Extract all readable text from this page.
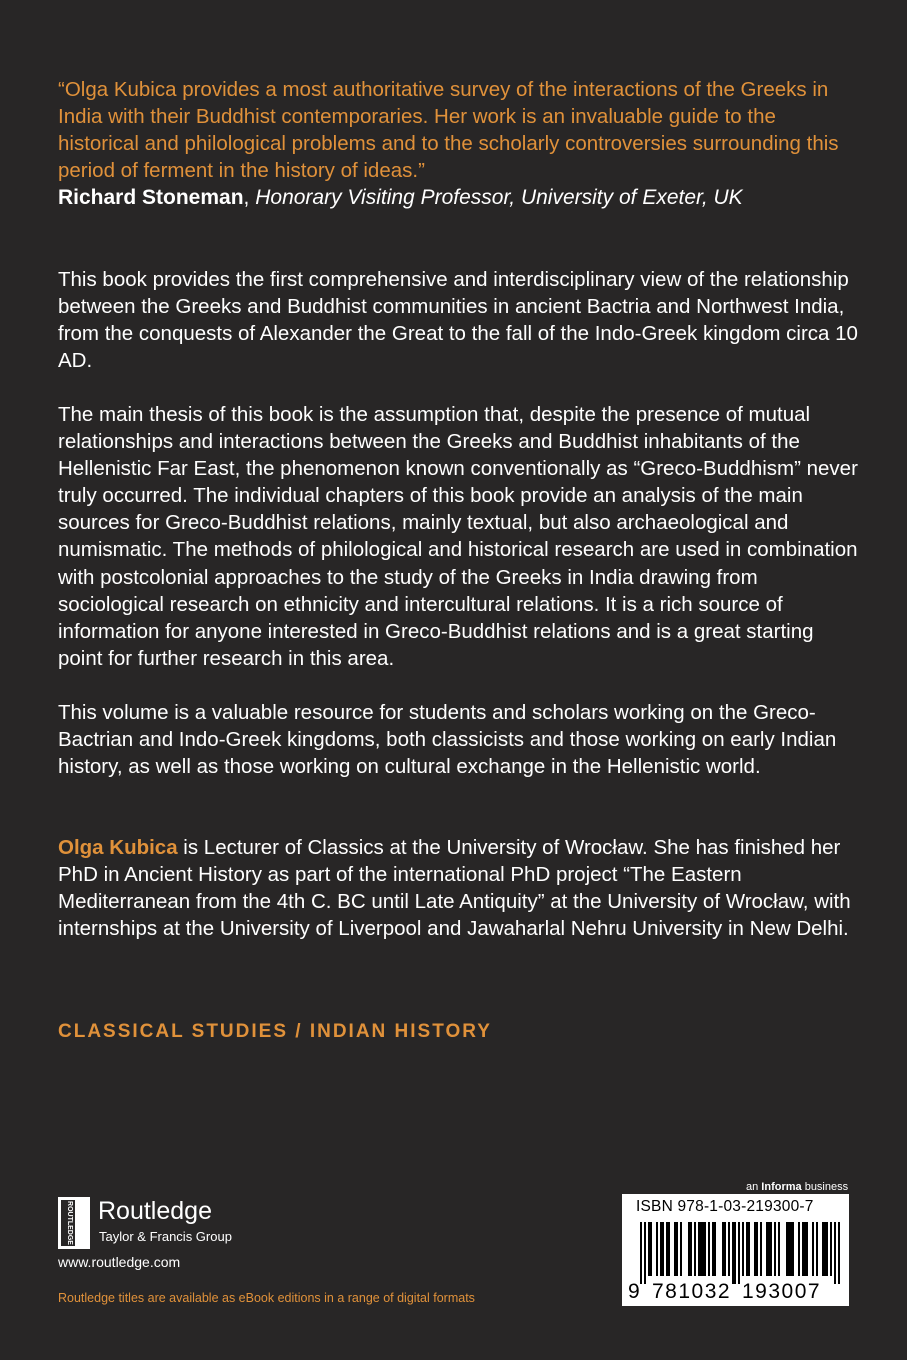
“Olga Kubica provides a most authoritative survey of the interactions of the Greeks in India with their Buddhist contemporaries. Her work is an invaluable guide to the historical and philological problems and to the scholarly controversies surrounding this period of ferment in the history of ideas.”
Richard Stoneman, Honorary Visiting Professor, University of Exeter, UK
This book provides the first comprehensive and interdisciplinary view of the relationship between the Greeks and Buddhist communities in ancient Bactria and Northwest India, from the conquests of Alexander the Great to the fall of the Indo-Greek kingdom circa 10 AD.
The main thesis of this book is the assumption that, despite the presence of mutual relationships and interactions between the Greeks and Buddhist inhabitants of the Hellenistic Far East, the phenomenon known conventionally as “Greco-Buddhism” never truly occurred. The individual chapters of this book provide an analysis of the main sources for Greco-Buddhist relations, mainly textual, but also archaeological and numismatic. The methods of philological and historical research are used in combination with postcolonial approaches to the study of the Greeks in India drawing from sociological research on ethnicity and intercultural relations. It is a rich source of information for anyone interested in Greco-Buddhist relations and is a great starting point for further research in this area.
This volume is a valuable resource for students and scholars working on the Greco-Bactrian and Indo-Greek kingdoms, both classicists and those working on early Indian history, as well as those working on cultural exchange in the Hellenistic world.
Olga Kubica is Lecturer of Classics at the University of Wrocław. She has finished her PhD in Ancient History as part of the international PhD project “The Eastern Mediterranean from the 4th C. BC until Late Antiquity” at the University of Wrocław, with internships at the University of Liverpool and Jawaharlal Nehru University in New Delhi.
CLASSICAL STUDIES / INDIAN HISTORY
ROUTLEDGE Routledge
Taylor & Francis Group
www.routledge.com
Routledge titles are available as eBook editions in a range of digital formats
an Informa business
ISBN 978-1-03-219300-7
9 781032 193007
